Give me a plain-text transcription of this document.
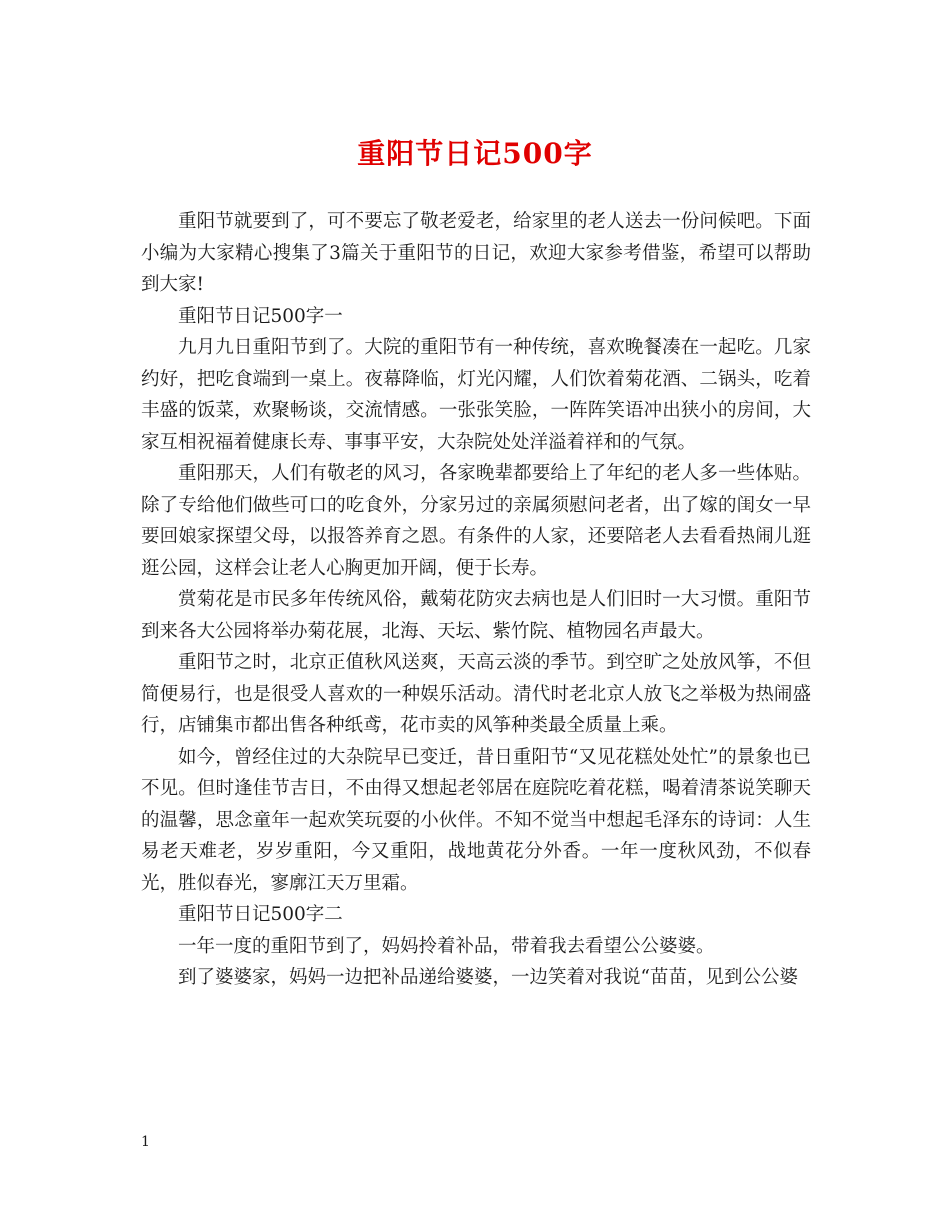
重阳节日记500字

重阳节就要到了，可不要忘了敬老爱老，给家里的老人送去一份问候吧。下面小编为大家精心搜集了3篇关于重阳节的日记，欢迎大家参考借鉴，希望可以帮助到大家!

重阳节日记500字一

九月九日重阳节到了。大院的重阳节有一种传统，喜欢晚餐凑在一起吃。几家约好，把吃食端到一桌上。夜幕降临，灯光闪耀，人们饮着菊花酒、二锅头，吃着丰盛的饭菜，欢聚畅谈，交流情感。一张张笑脸，一阵阵笑语冲出狭小的房间，大家互相祝福着健康长寿、事事平安，大杂院处处洋溢着祥和的气氛。

重阳那天，人们有敬老的风习，各家晚辈都要给上了年纪的老人多一些体贴。除了专给他们做些可口的吃食外，分家另过的亲属须慰问老者，出了嫁的闺女一早要回娘家探望父母，以报答养育之恩。有条件的人家，还要陪老人去看看热闹儿逛逛公园，这样会让老人心胸更加开阔，便于长寿。

赏菊花是市民多年传统风俗，戴菊花防灾去病也是人们旧时一大习惯。重阳节到来各大公园将举办菊花展，北海、天坛、紫竹院、植物园名声最大。

重阳节之时，北京正值秋风送爽，天高云淡的季节。到空旷之处放风筝，不但简便易行，也是很受人喜欢的一种娱乐活动。清代时老北京人放飞之举极为热闹盛行，店铺集市都出售各种纸鸢，花市卖的风筝种类最全质量上乘。

如今，曾经住过的大杂院早已变迁，昔日重阳节“又见花糕处处忙”的景象也已不见。但时逢佳节吉日，不由得又想起老邻居在庭院吃着花糕，喝着清茶说笑聊天的温馨，思念童年一起欢笑玩耍的小伙伴。不知不觉当中想起毛泽东的诗词：人生易老天难老，岁岁重阳，今又重阳，战地黄花分外香。一年一度秋风劲，不似春光，胜似春光，寥廓江天万里霜。

重阳节日记500字二

一年一度的重阳节到了，妈妈拎着补品，带着我去看望公公婆婆。

到了婆婆家，妈妈一边把补品递给婆婆，一边笑着对我说“苗苗，见到公公婆

1
